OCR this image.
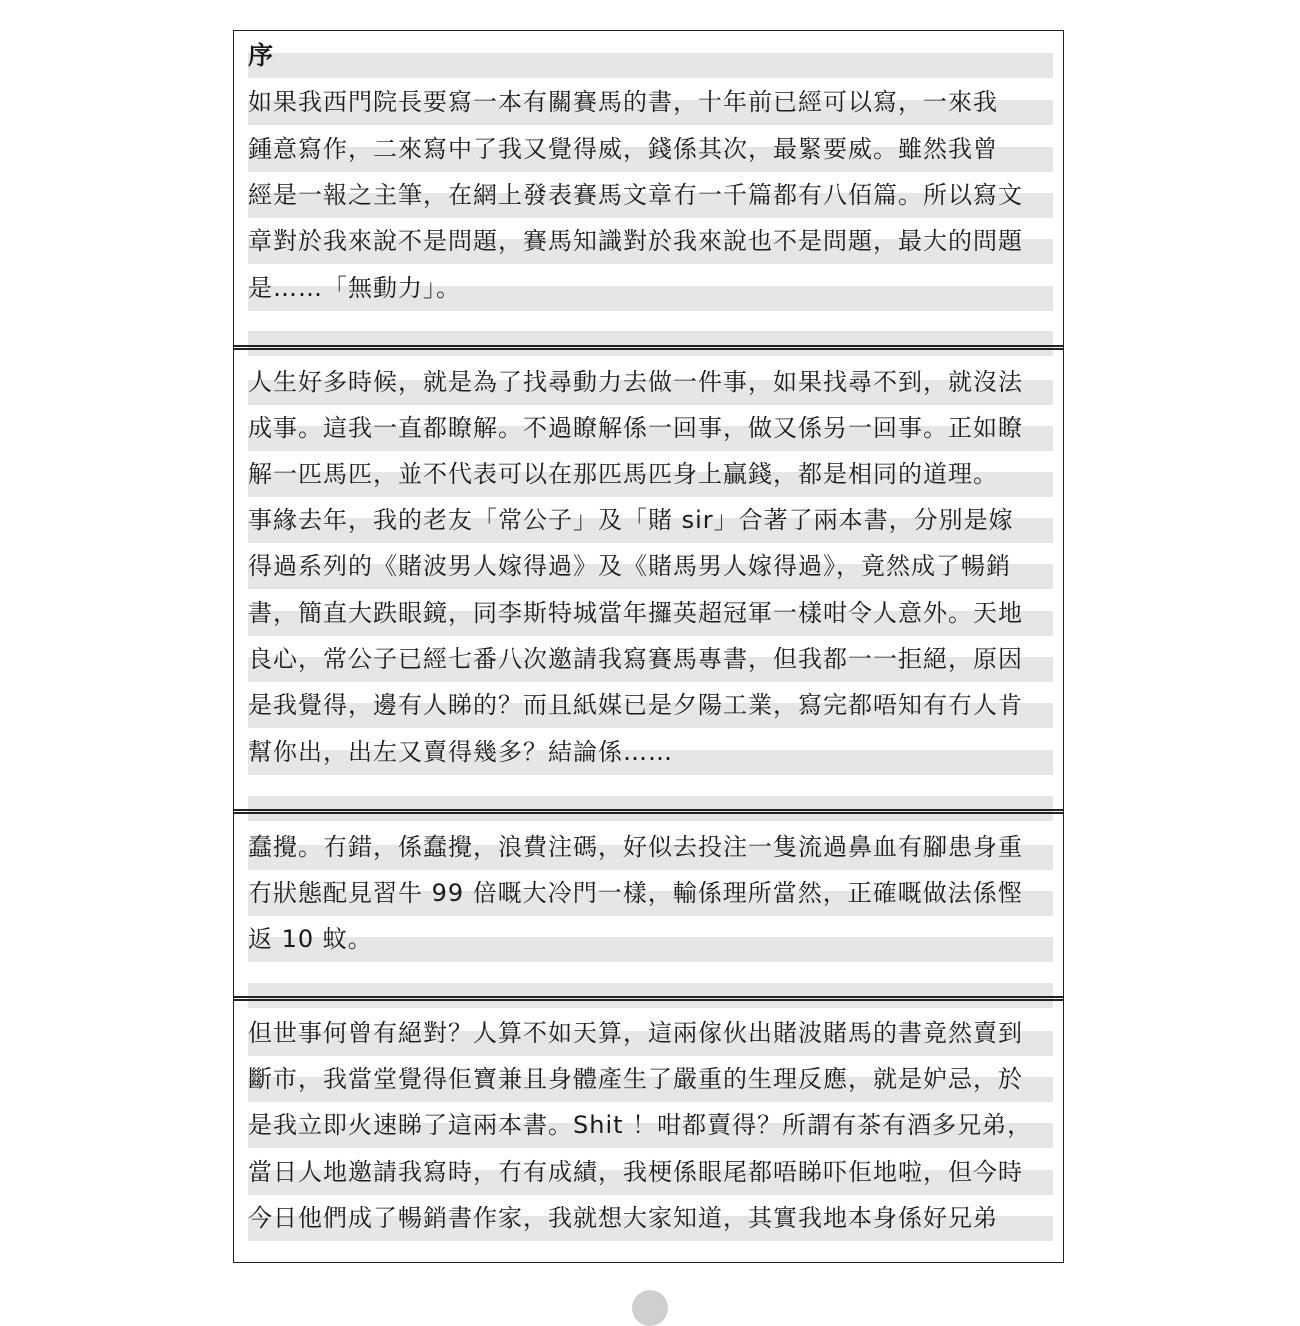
序
如果我西門院長要寫一本有關賽馬的書，十年前已經可以寫，一來我
鍾意寫作，二來寫中了我又覺得威，錢係其次，最緊要威。雖然我曾
經是一報之主筆，在網上發表賽馬文章冇一千篇都有八佰篇。所以寫文
章對於我來說不是問題，賽馬知識對於我來說也不是問題，最大的問題
是……「無動力」。
人生好多時候，就是為了找尋動力去做一件事，如果找尋不到，就沒法
成事。這我一直都瞭解。不過瞭解係一回事，做又係另一回事。正如瞭
解一匹馬匹，並不代表可以在那匹馬匹身上贏錢，都是相同的道理。
事緣去年，我的老友「常公子」及「賭 sir」合著了兩本書，分別是嫁
得過系列的《賭波男人嫁得過》及《賭馬男人嫁得過》，竟然成了暢銷
書，簡直大跌眼鏡，同李斯特城當年攞英超冠軍一樣咁令人意外。天地
良心，常公子已經七番八次邀請我寫賽馬專書，但我都一一拒絕，原因
是我覺得，邊有人睇的？而且紙媒已是夕陽工業，寫完都唔知有冇人肯
幫你出，出左又賣得幾多？結論係……
蠢攪。冇錯，係蠢攪，浪費注碼，好似去投注一隻流過鼻血有腳患身重
冇狀態配見習牛 99 倍嘅大冷門一樣，輸係理所當然，正確嘅做法係慳
返 10 蚊。
但世事何曾有絕對？人算不如天算，這兩傢伙出賭波賭馬的書竟然賣到
斷市，我當堂覺得佢寶兼且身體產生了嚴重的生理反應，就是妒忌，於
是我立即火速睇了這兩本書。Shit ！咁都賣得？所謂有茶有酒多兄弟，
當日人地邀請我寫時，冇有成績，我梗係眼尾都唔睇吓佢地啦，但今時
今日他們成了暢銷書作家，我就想大家知道，其實我地本身係好兄弟
